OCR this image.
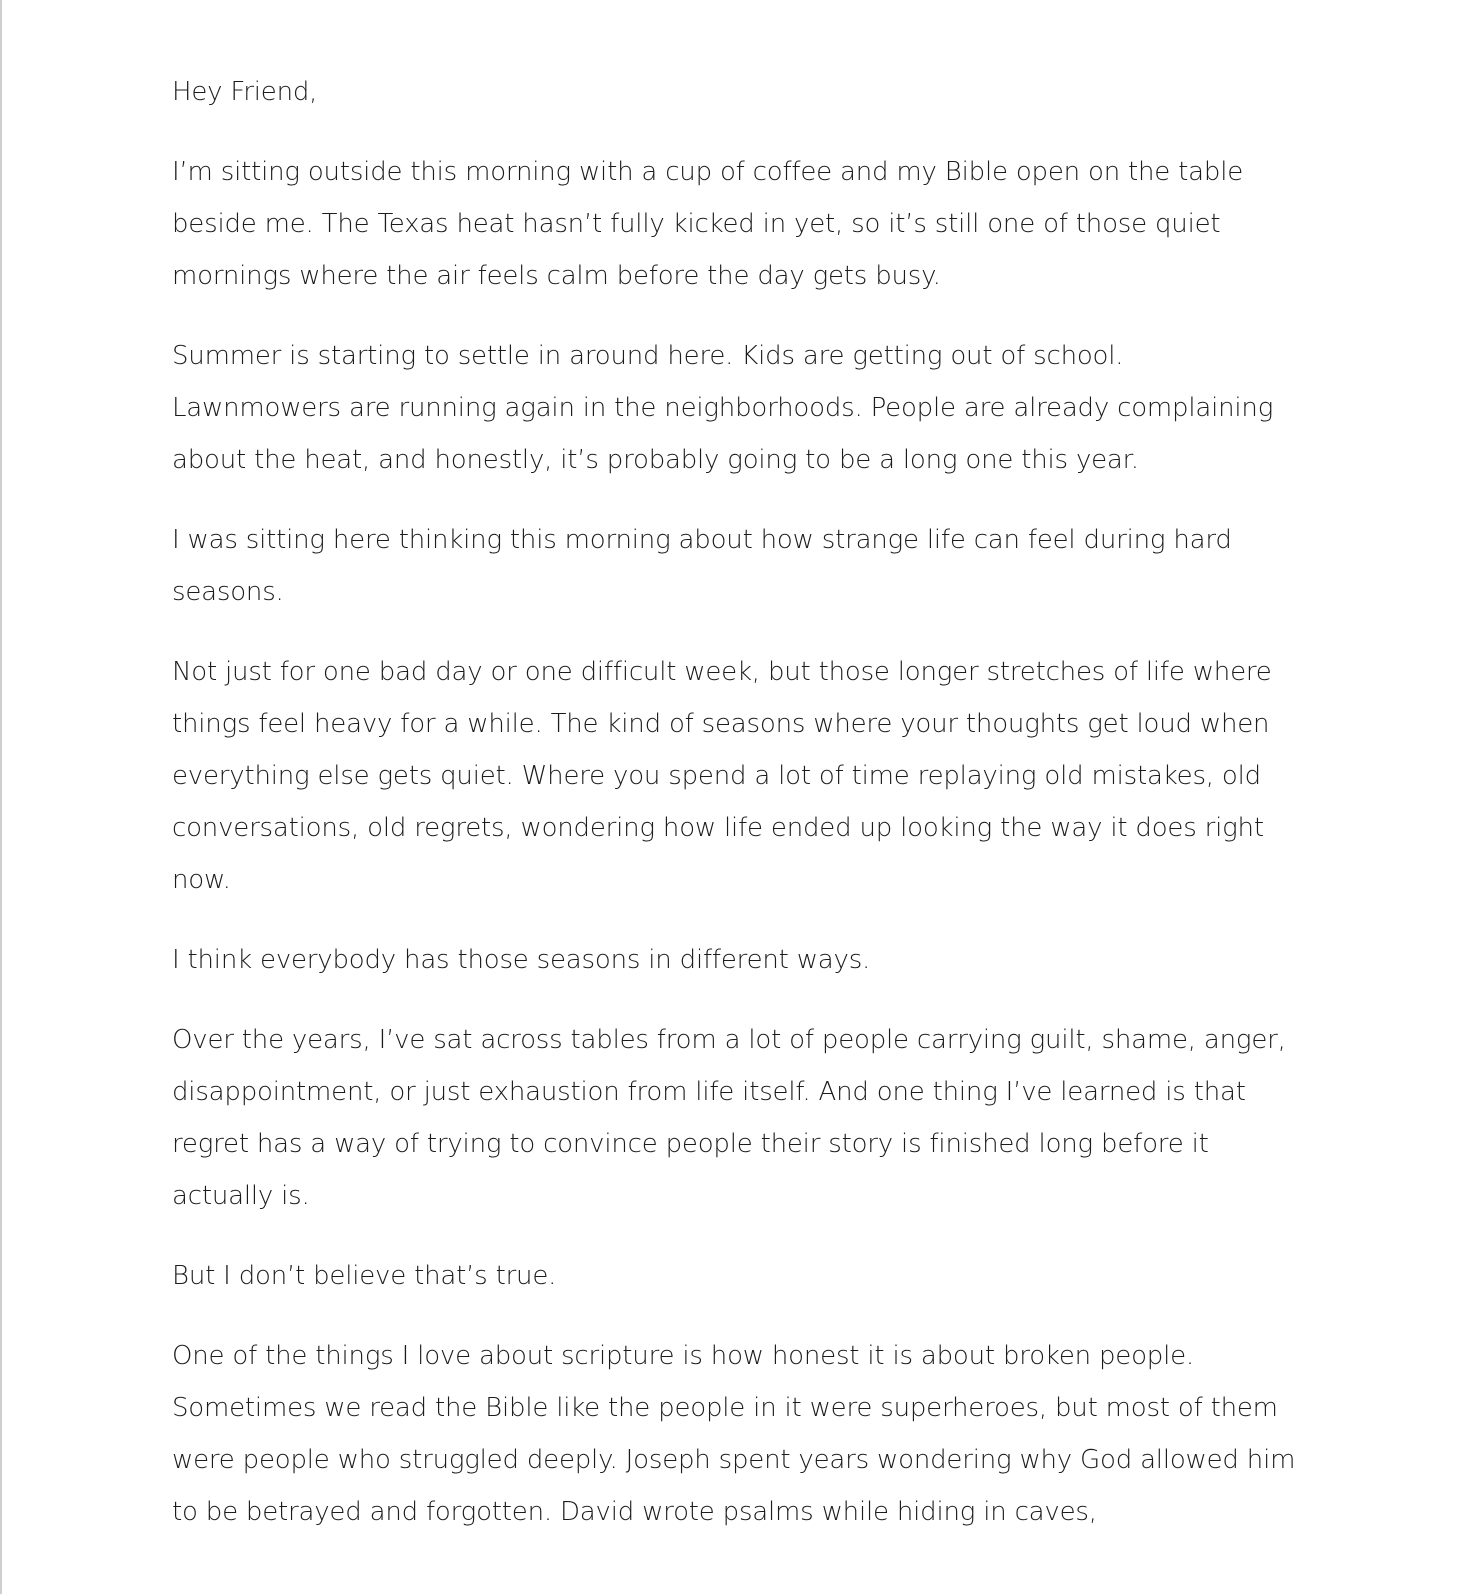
Hey Friend,

I’m sitting outside this morning with a cup of coffee and my Bible open on the table beside me. The Texas heat hasn’t fully kicked in yet, so it’s still one of those quiet mornings where the air feels calm before the day gets busy.

Summer is starting to settle in around here. Kids are getting out of school. Lawnmowers are running again in the neighborhoods. People are already complaining about the heat, and honestly, it’s probably going to be a long one this year.

I was sitting here thinking this morning about how strange life can feel during hard seasons.

Not just for one bad day or one difficult week, but those longer stretches of life where things feel heavy for a while. The kind of seasons where your thoughts get loud when everything else gets quiet. Where you spend a lot of time replaying old mistakes, old conversations, old regrets, wondering how life ended up looking the way it does right now.

I think everybody has those seasons in different ways.

Over the years, I’ve sat across tables from a lot of people carrying guilt, shame, anger, disappointment, or just exhaustion from life itself. And one thing I’ve learned is that regret has a way of trying to convince people their story is finished long before it actually is.

But I don’t believe that’s true.

One of the things I love about scripture is how honest it is about broken people. Sometimes we read the Bible like the people in it were superheroes, but most of them were people who struggled deeply. Joseph spent years wondering why God allowed him to be betrayed and forgotten. David wrote psalms while hiding in caves,
